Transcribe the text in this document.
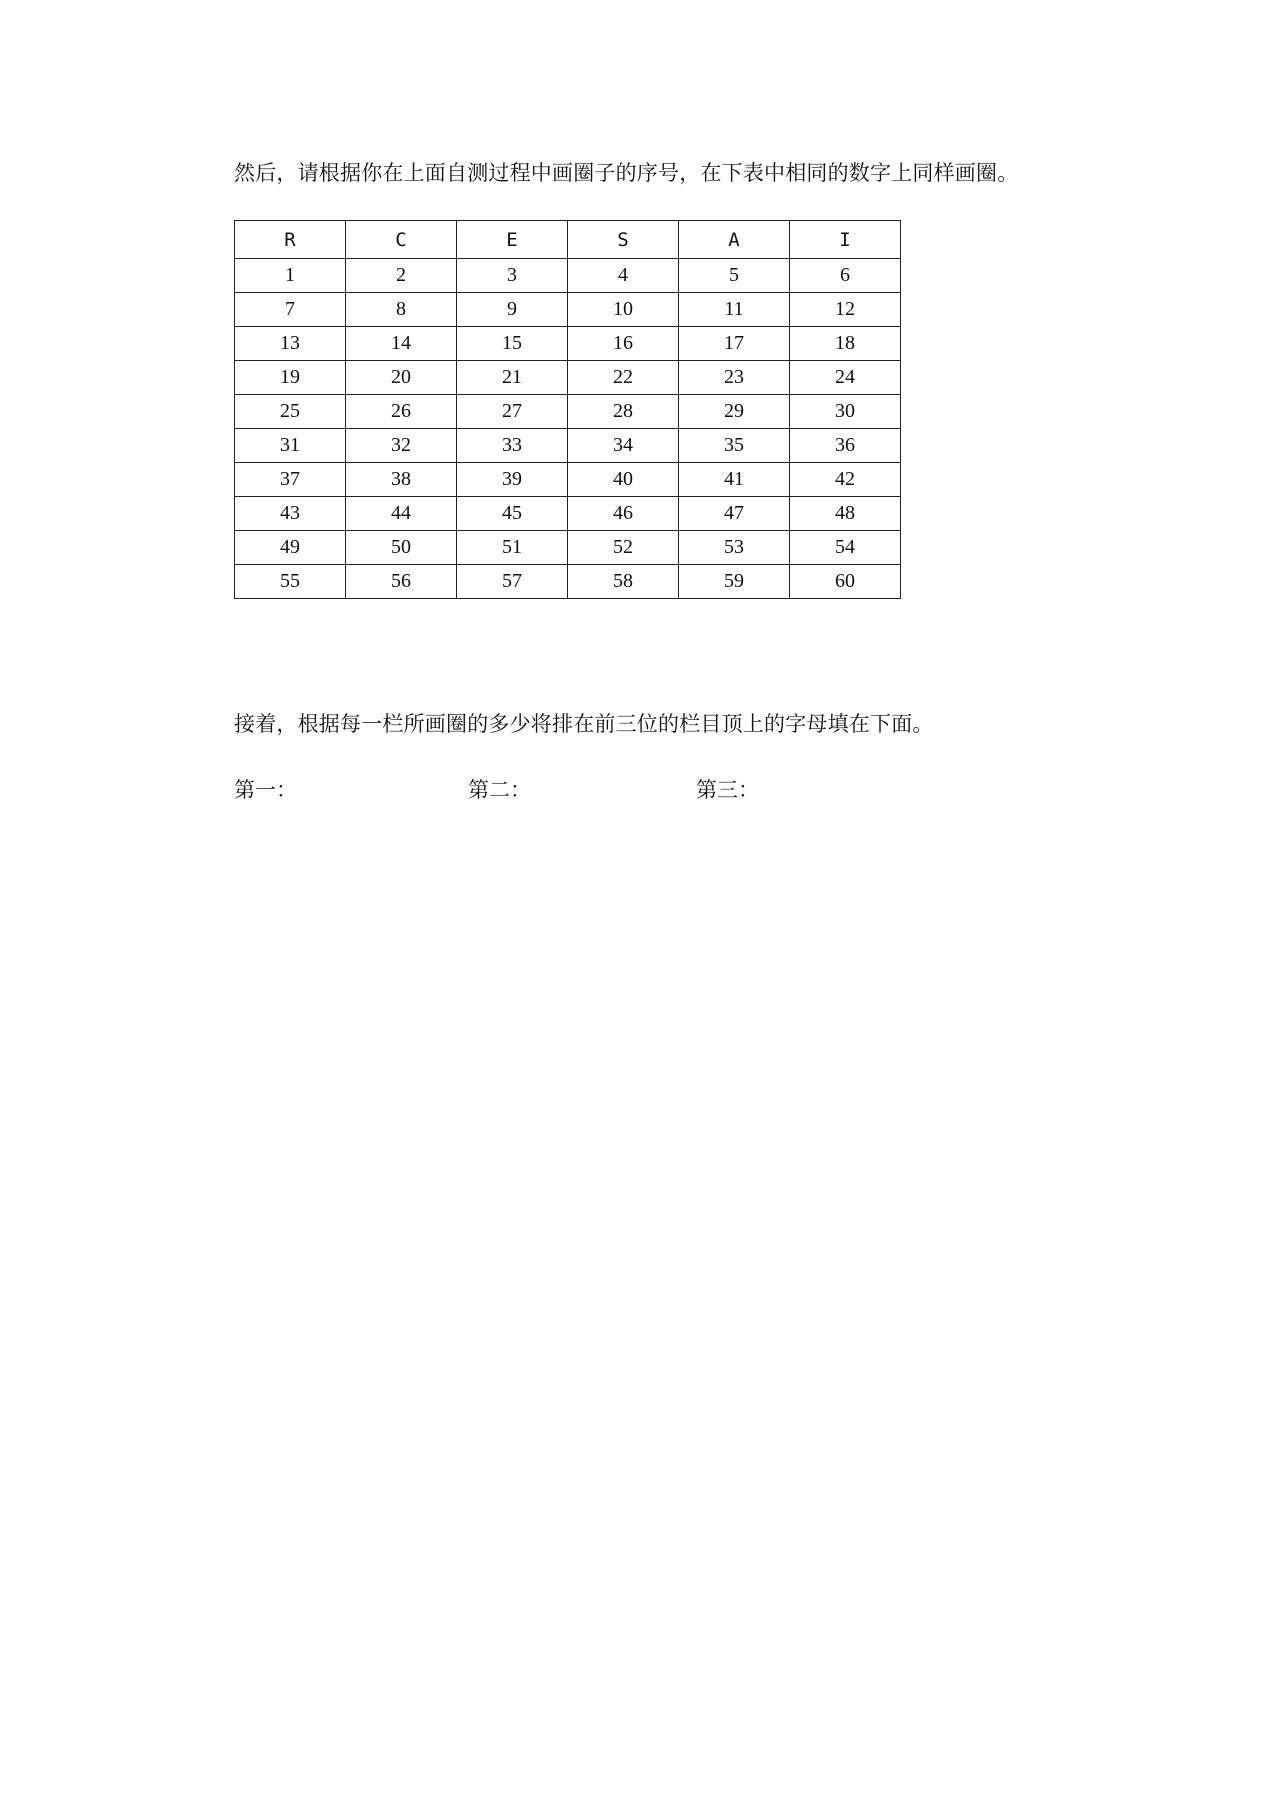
然后，请根据你在上面自测过程中画圈子的序号，在下表中相同的数字上同样画圈。

R	C	E	S	A	I
1	2	3	4	5	6
7	8	9	10	11	12
13	14	15	16	17	18
19	20	21	22	23	24
25	26	27	28	29	30
31	32	33	34	35	36
37	38	39	40	41	42
43	44	45	46	47	48
49	50	51	52	53	54
55	56	57	58	59	60

接着，根据每一栏所画圈的多少将排在前三位的栏目顶上的字母填在下面。

第一：	第二：	第三：
